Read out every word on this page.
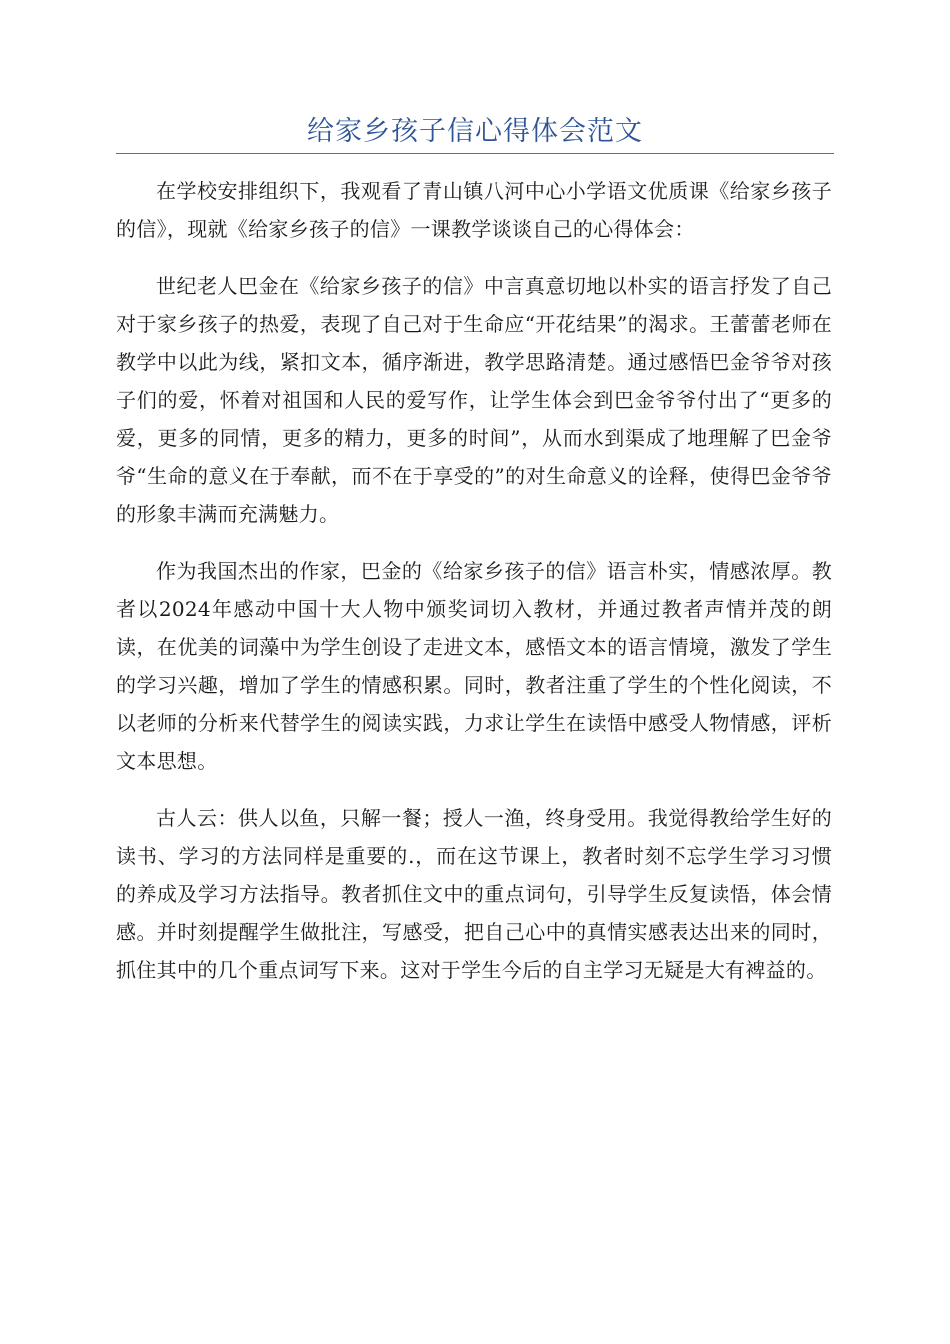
给家乡孩子信心得体会范文

在学校安排组织下，我观看了青山镇八河中心小学语文优质课《给家乡孩子的信》，现就《给家乡孩子的信》一课教学谈谈自己的心得体会：

世纪老人巴金在《给家乡孩子的信》中言真意切地以朴实的语言抒发了自己对于家乡孩子的热爱，表现了自己对于生命应“开花结果”的渴求。王蕾蕾老师在教学中以此为线，紧扣文本，循序渐进，教学思路清楚。通过感悟巴金爷爷对孩子们的爱，怀着对祖国和人民的爱写作，让学生体会到巴金爷爷付出了“更多的爱，更多的同情，更多的精力，更多的时间”，从而水到渠成了地理解了巴金爷爷“生命的意义在于奉献，而不在于享受的”的对生命意义的诠释，使得巴金爷爷的形象丰满而充满魅力。

作为我国杰出的作家，巴金的《给家乡孩子的信》语言朴实，情感浓厚。教者以2024年感动中国十大人物中颁奖词切入教材，并通过教者声情并茂的朗读，在优美的词藻中为学生创设了走进文本，感悟文本的语言情境，激发了学生的学习兴趣，增加了学生的情感积累。同时，教者注重了学生的个性化阅读，不以老师的分析来代替学生的阅读实践，力求让学生在读悟中感受人物情感，评析文本思想。

古人云：供人以鱼，只解一餐；授人一渔，终身受用。我觉得教给学生好的读书、学习的方法同样是重要的.，而在这节课上，教者时刻不忘学生学习习惯的养成及学习方法指导。教者抓住文中的重点词句，引导学生反复读悟，体会情感。并时刻提醒学生做批注，写感受，把自己心中的真情实感表达出来的同时，抓住其中的几个重点词写下来。这对于学生今后的自主学习无疑是大有裨益的。
